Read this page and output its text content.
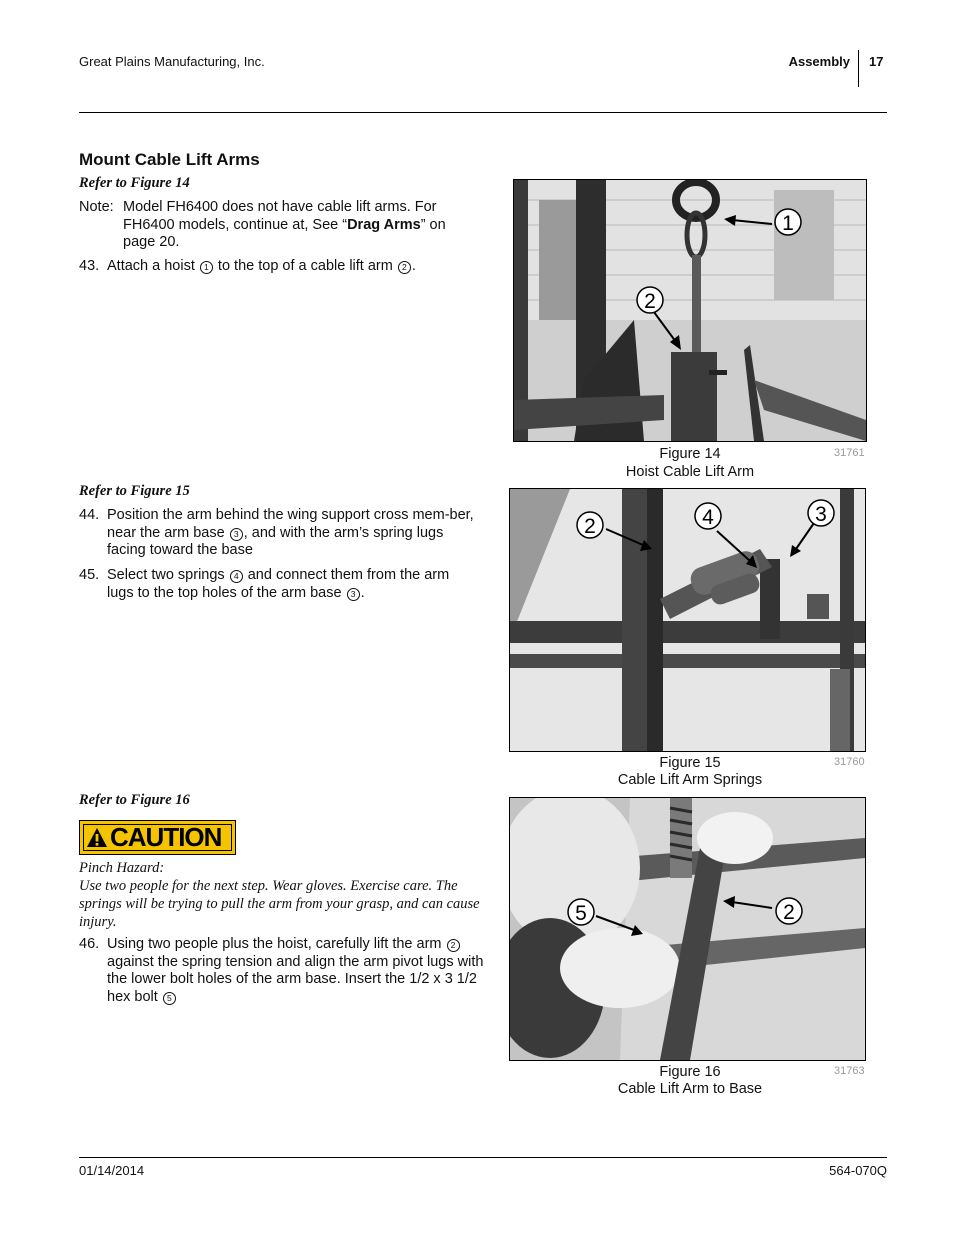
Great Plains Manufacturing, Inc.	Assembly 17
Mount Cable Lift Arms
Refer to Figure 14
Note: Model FH6400 does not have cable lift arms. For FH6400 models, continue at, See “Drag Arms” on page 20.
43. Attach a hoist 1 to the top of a cable lift arm 2 .
1
2
Figure 14
Hoist Cable Lift Arm
31761
Refer to Figure 15
44. Position the arm behind the wing support cross mem-ber, near the arm base 3 , and with the arm’s spring lugs facing toward the base
45. Select two springs 4 and connect them from the arm lugs to the top holes of the arm base 3 .
2	4	3
Figure 15
Cable Lift Arm Springs
31760
Refer to Figure 16
CAUTION
Pinch Hazard:
Use two people for the next step. Wear gloves. Exercise care. The springs will be trying to pull the arm from your grasp, and can cause injury.
46. Using two people plus the hoist, carefully lift the arm 2 against the spring tension and align the arm pivot lugs with the lower bolt holes of the arm base. Insert the 1/2 x 3 1/2 hex bolt 5
5	2
Figure 16
Cable Lift Arm to Base
31763
01/14/2014	564-070Q
